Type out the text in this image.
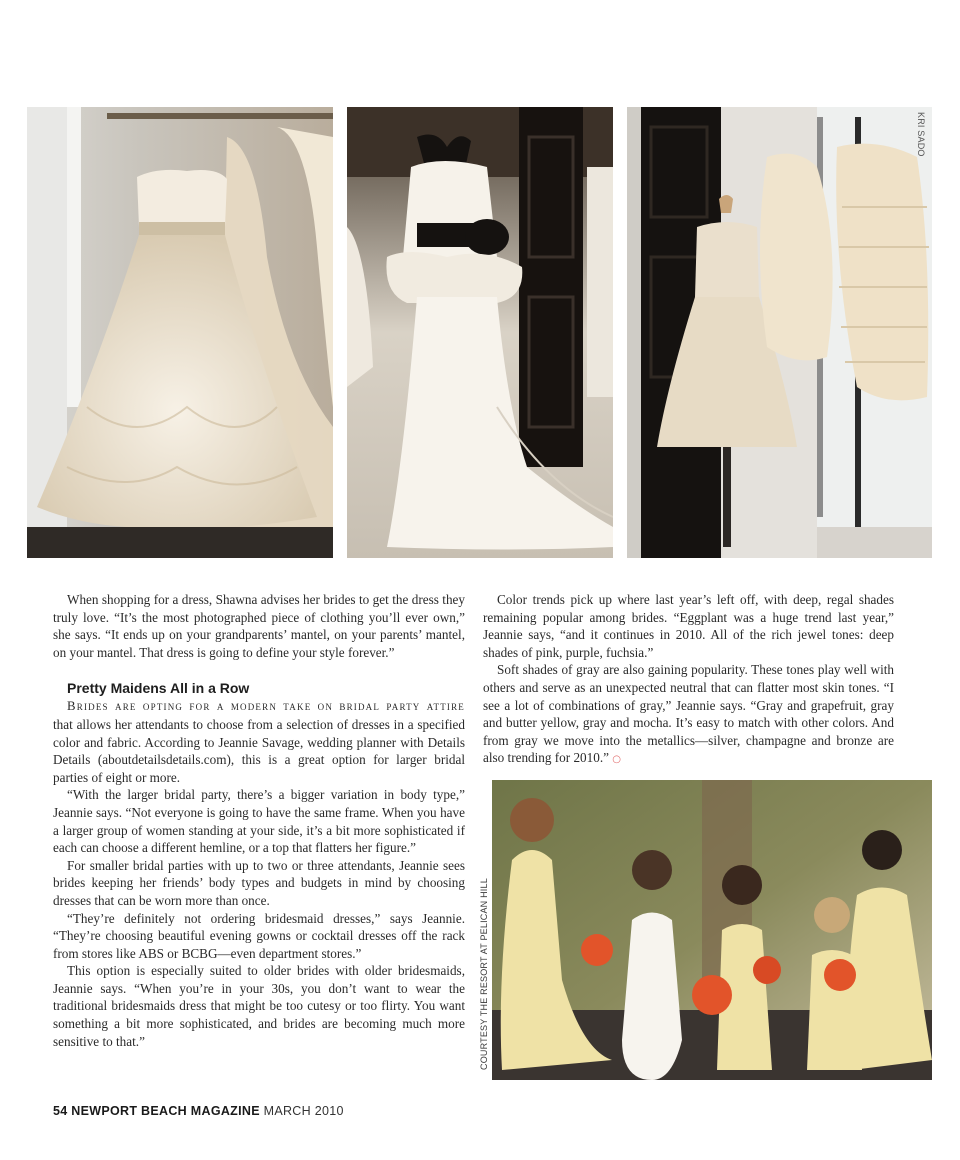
KRI SADO

When shopping for a dress, Shawna advises her brides to get the dress they truly love. “It’s the most photographed piece of clothing you’ll ever own,” she says. “It ends up on your grandparents’ mantel, on your parents’ mantel, on your mantel. That dress is going to define your style forever.”

Pretty Maidens All in a Row

Brides are opting for a modern take on bridal party attire that allows her attendants to choose from a selection of dresses in a specified color and fabric. According to Jeannie Savage, wedding planner with Details Details (aboutdetailsdetails.com), this is a great option for larger bridal parties of eight or more.

“With the larger bridal party, there’s a bigger variation in body type,” Jeannie says. “Not everyone is going to have the same frame. When you have a larger group of women standing at your side, it’s a bit more sophisticated if each can choose a different hemline, or a top that flatters her figure.”

For smaller bridal parties with up to two or three attendants, Jeannie sees brides keeping her friends’ body types and budgets in mind by choosing dresses that can be worn more than once.

“They’re definitely not ordering bridesmaid dresses,” says Jeannie. “They’re choosing beautiful evening gowns or cocktail dresses off the rack from stores like ABS or BCBG—even department stores.”

This option is especially suited to older brides with older bridesmaids, Jeannie says. “When you’re in your 30s, you don’t want to wear the traditional bridesmaids dress that might be too cutesy or too flirty. You want something a bit more sophisticated, and brides are becoming much more sensitive to that.”

Color trends pick up where last year’s left off, with deep, regal shades remaining popular among brides. “Eggplant was a huge trend last year,” Jeannie says, “and it continues in 2010. All of the rich jewel tones: deep shades of pink, purple, fuchsia.”

Soft shades of gray are also gaining popularity. These tones play well with others and serve as an unexpected neutral that can flatter most skin tones. “I see a lot of combinations of gray,” Jeannie says. “Gray and grapefruit, gray and butter yellow, gray and mocha. It’s easy to match with other colors. And from gray we move into the metallics—silver, champagne and bronze are also trending for 2010.” ○

COURTESY THE RESORT AT PELICAN HILL
54 NEWPORT BEACH MAGAZINE MARCH 2010
